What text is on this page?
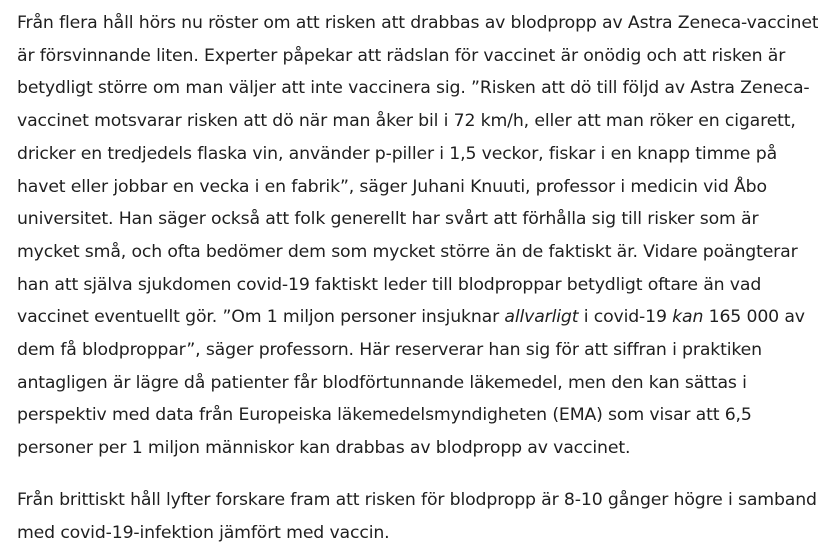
Från flera håll hörs nu röster om att risken att drabbas av blodpropp av Astra Zeneca-vaccinet
är försvinnande liten. Experter påpekar att rädslan för vaccinet är onödig och att risken är
betydligt större om man väljer att inte vaccinera sig. ”Risken att dö till följd av Astra Zeneca-
vaccinet motsvarar risken att dö när man åker bil i 72 km/h, eller att man röker en cigarett,
dricker en tredjedels flaska vin, använder p-piller i 1,5 veckor, fiskar i en knapp timme på
havet eller jobbar en vecka i en fabrik”, säger Juhani Knuuti, professor i medicin vid Åbo
universitet. Han säger också att folk generellt har svårt att förhålla sig till risker som är
mycket små, och ofta bedömer dem som mycket större än de faktiskt är. Vidare poängterar
han att själva sjukdomen covid-19 faktiskt leder till blodproppar betydligt oftare än vad
vaccinet eventuellt gör. ”Om 1 miljon personer insjuknar allvarligt i covid-19 kan 165 000 av
dem få blodproppar”, säger professorn. Här reserverar han sig för att siffran i praktiken
antagligen är lägre då patienter får blodförtunnande läkemedel, men den kan sättas i
perspektiv med data från Europeiska läkemedelsmyndigheten (EMA) som visar att 6,5
personer per 1 miljon människor kan drabbas av blodpropp av vaccinet.

Från brittiskt håll lyfter forskare fram att risken för blodpropp är 8-10 gånger högre i samband
med covid-19-infektion jämfört med vaccin.
